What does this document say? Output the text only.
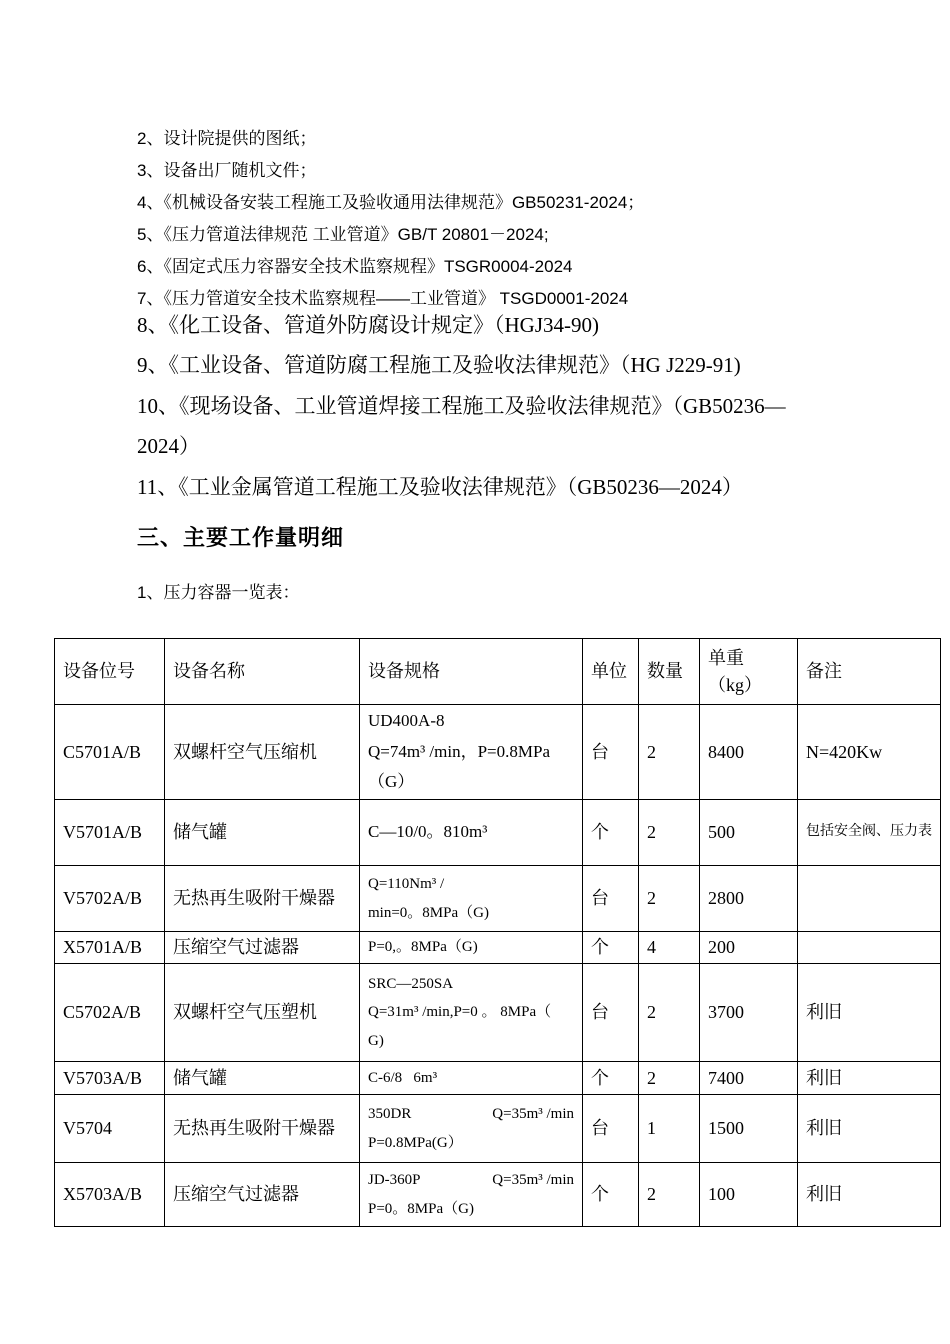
2、设计院提供的图纸；
3、设备出厂随机文件；
4、《机械设备安装工程施工及验收通用法律规范》GB50231-2024；
5、《压力管道法律规范 工业管道》GB/T 20801－2024;
6、《固定式压力容器安全技术监察规程》TSGR0004-2024
7、《压力管道安全技术监察规程——工业管道》 TSGD0001-2024
8、《化工设备、管道外防腐设计规定》（HGJ34-90)
9、《工业设备、管道防腐工程施工及验收法律规范》（HG J229-91)
10、《现场设备、工业管道焊接工程施工及验收法律规范》（GB50236—
2024）
11、《工业金属管道工程施工及验收法律规范》（GB50236—2024）
三、主要工作量明细
1、压力容器一览表：
设备位号	设备名称	设备规格	单位	数量	单重
（kg）	备注
C5701A/B	双螺杆空气压缩机	UD400A-8
Q=74m³ /min，P=0.8MPa
（G）	台	2	8400	N=420Kw
V5701A/B	储气罐	C—10/0。810m³	个	2	500	包括安全阀、压力表
V5702A/B	无热再生吸附干燥器	Q=110Nm³ /
min=0。8MPa（G)	台	2	2800	
X5701A/B	压缩空气过滤器	P=0,。8MPa（G)	个	4	200	
C5702A/B	双螺杆空气压塑机	SRC—250SA
Q=31m³ /min,P=0 。 8MPa（
G)	台	2	3700	利旧
V5703A/B	储气罐	C-6/8   6m³	个	2	7400	利旧
V5704	无热再生吸附干燥器	350DR Q=35m³ /min
P=0.8MPa(G）	台	1	1500	利旧
X5703A/B	压缩空气过滤器	JD-360P Q=35m³ /min
P=0。8MPa（G)	个	2	100	利旧
